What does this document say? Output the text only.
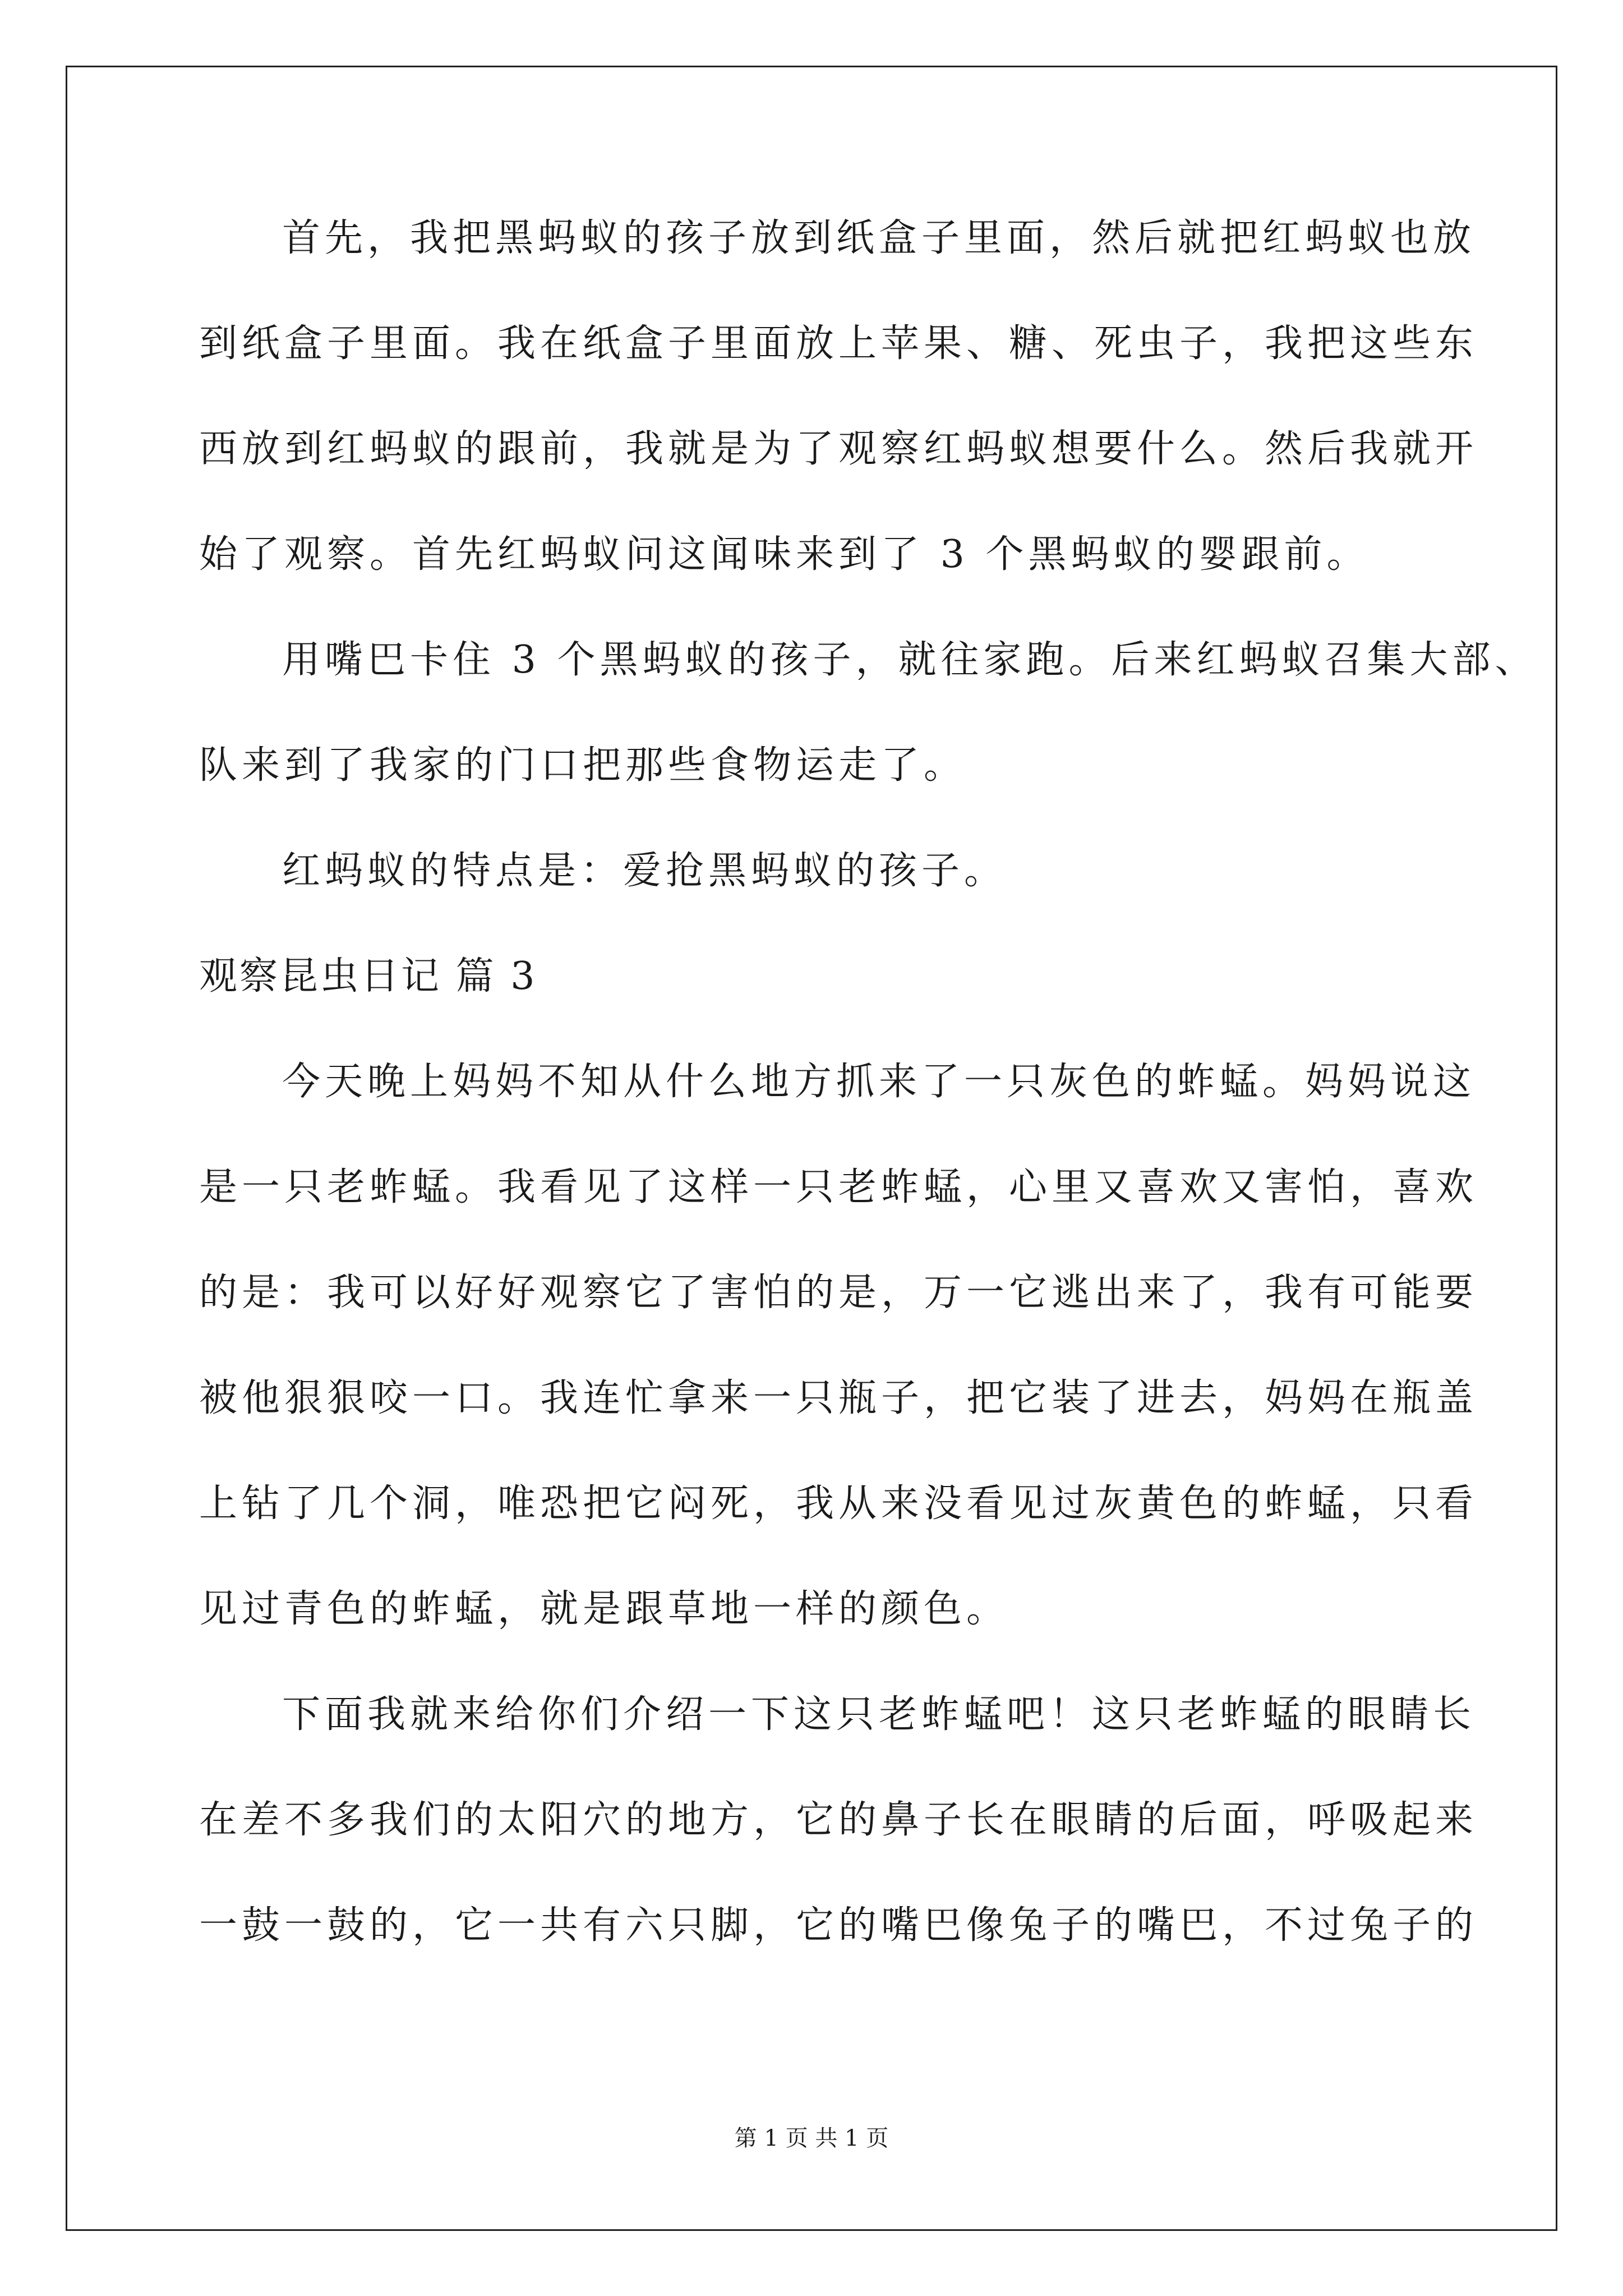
首先，我把黑蚂蚁的孩子放到纸盒子里面，然后就把红蚂蚁也放
到纸盒子里面。我在纸盒子里面放上苹果、糖、死虫子，我把这些东
西放到红蚂蚁的跟前，我就是为了观察红蚂蚁想要什么。然后我就开
始了观察。首先红蚂蚁问这闻味来到了 3 个黑蚂蚁的婴跟前。
用嘴巴卡住 3 个黑蚂蚁的孩子，就往家跑。后来红蚂蚁召集大部、
队来到了我家的门口把那些食物运走了。
红蚂蚁的特点是：爱抢黑蚂蚁的孩子。
观察昆虫日记 篇 3
今天晚上妈妈不知从什么地方抓来了一只灰色的蚱蜢。妈妈说这
是一只老蚱蜢。我看见了这样一只老蚱蜢，心里又喜欢又害怕，喜欢
的是：我可以好好观察它了害怕的是，万一它逃出来了，我有可能要
被他狠狠咬一口。我连忙拿来一只瓶子，把它装了进去，妈妈在瓶盖
上钻了几个洞，唯恐把它闷死，我从来没看见过灰黄色的蚱蜢，只看
见过青色的蚱蜢，就是跟草地一样的颜色。
下面我就来给你们介绍一下这只老蚱蜢吧！这只老蚱蜢的眼睛长
在差不多我们的太阳穴的地方，它的鼻子长在眼睛的后面，呼吸起来
一鼓一鼓的，它一共有六只脚，它的嘴巴像兔子的嘴巴，不过兔子的
第 1 页 共 1 页
